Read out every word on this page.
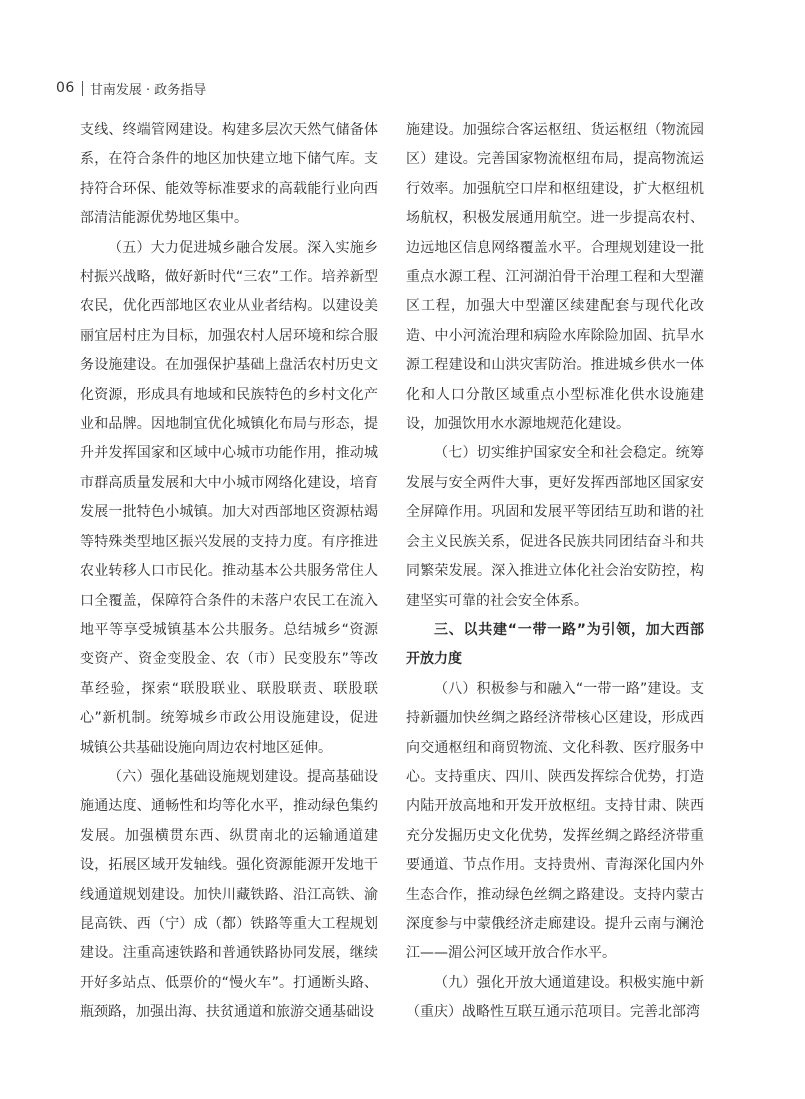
06 甘南发展 · 政务指导

支线、终端管网建设。构建多层次天然气储备体系，在符合条件的地区加快建立地下储气库。支持符合环保、能效等标准要求的高载能行业向西部清洁能源优势地区集中。

（五）大力促进城乡融合发展。深入实施乡村振兴战略，做好新时代“三农”工作。培养新型农民，优化西部地区农业从业者结构。以建设美丽宜居村庄为目标，加强农村人居环境和综合服务设施建设。在加强保护基础上盘活农村历史文化资源，形成具有地域和民族特色的乡村文化产业和品牌。因地制宜优化城镇化布局与形态，提升并发挥国家和区域中心城市功能作用，推动城市群高质量发展和大中小城市网络化建设，培育发展一批特色小城镇。加大对西部地区资源枯竭等特殊类型地区振兴发展的支持力度。有序推进农业转移人口市民化。推动基本公共服务常住人口全覆盖，保障符合条件的未落户农民工在流入地平等享受城镇基本公共服务。总结城乡“资源变资产、资金变股金、农（市）民变股东”等改革经验，探索“联股联业、联股联责、联股联心”新机制。统筹城乡市政公用设施建设，促进城镇公共基础设施向周边农村地区延伸。

（六）强化基础设施规划建设。提高基础设施通达度、通畅性和均等化水平，推动绿色集约发展。加强横贯东西、纵贯南北的运输通道建设，拓展区域开发轴线。强化资源能源开发地干线通道规划建设。加快川藏铁路、沿江高铁、渝昆高铁、西（宁）成（都）铁路等重大工程规划建设。注重高速铁路和普通铁路协同发展，继续开好多站点、低票价的“慢火车”。打通断头路、瓶颈路，加强出海、扶贫通道和旅游交通基础设

施建设。加强综合客运枢纽、货运枢纽（物流园区）建设。完善国家物流枢纽布局，提高物流运行效率。加强航空口岸和枢纽建设，扩大枢纽机场航权，积极发展通用航空。进一步提高农村、边远地区信息网络覆盖水平。合理规划建设一批重点水源工程、江河湖泊骨干治理工程和大型灌区工程，加强大中型灌区续建配套与现代化改造、中小河流治理和病险水库除险加固、抗旱水源工程建设和山洪灾害防治。推进城乡供水一体化和人口分散区域重点小型标准化供水设施建设，加强饮用水水源地规范化建设。

（七）切实维护国家安全和社会稳定。统筹发展与安全两件大事，更好发挥西部地区国家安全屏障作用。巩固和发展平等团结互助和谐的社会主义民族关系，促进各民族共同团结奋斗和共同繁荣发展。深入推进立体化社会治安防控，构建坚实可靠的社会安全体系。

三、以共建“一带一路”为引领，加大西部开放力度

（八）积极参与和融入“一带一路”建设。支持新疆加快丝绸之路经济带核心区建设，形成西向交通枢纽和商贸物流、文化科教、医疗服务中心。支持重庆、四川、陕西发挥综合优势，打造内陆开放高地和开发开放枢纽。支持甘肃、陕西充分发掘历史文化优势，发挥丝绸之路经济带重要通道、节点作用。支持贵州、青海深化国内外生态合作，推动绿色丝绸之路建设。支持内蒙古深度参与中蒙俄经济走廊建设。提升云南与澜沧江——湄公河区域开放合作水平。

（九）强化开放大通道建设。积极实施中新（重庆）战略性互联互通示范项目。完善北部湾
